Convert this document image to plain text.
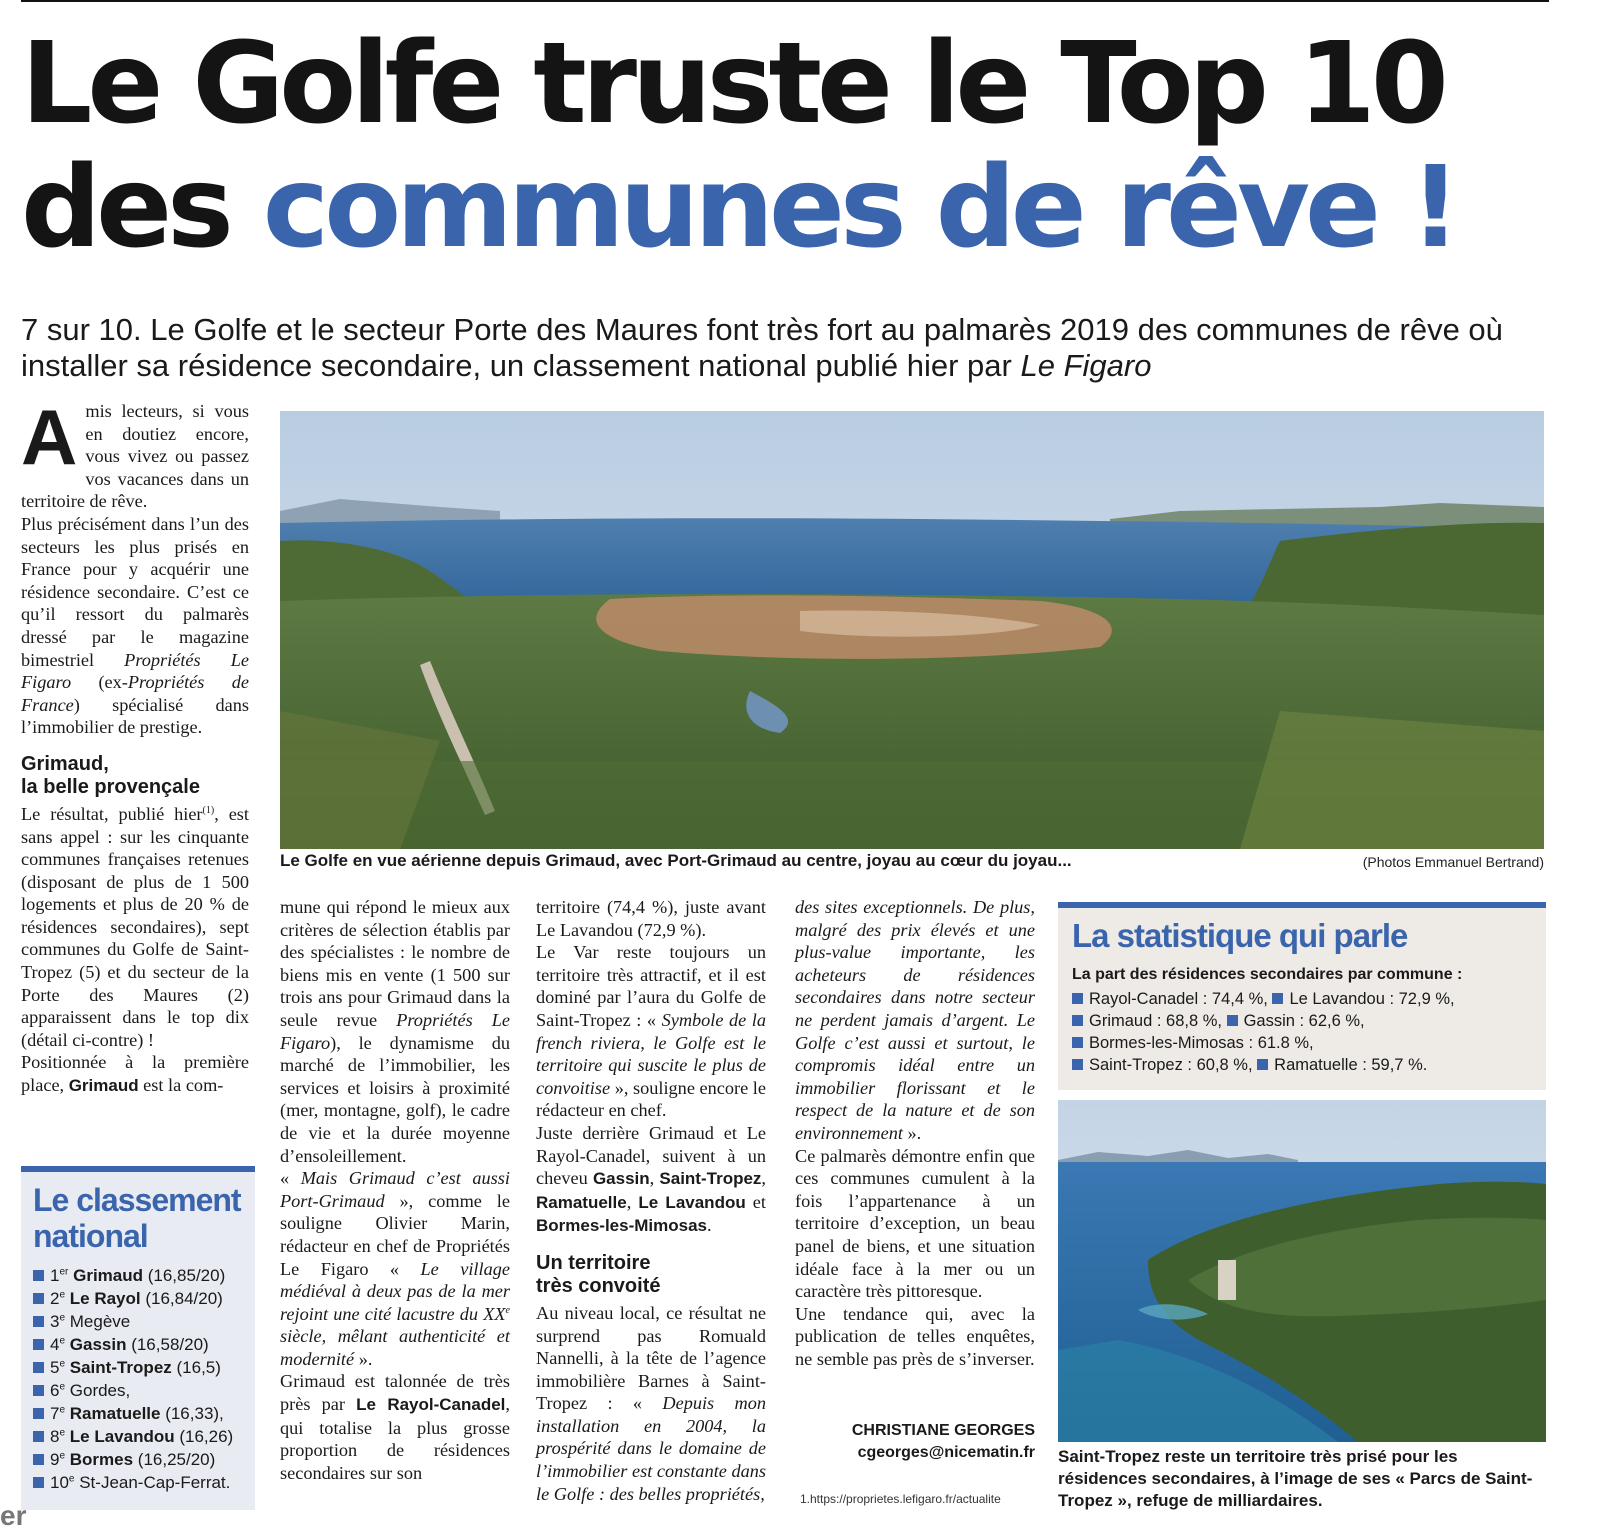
Le Golfe truste le Top 10
des communes de rêve !

7 sur 10. Le Golfe et le secteur Porte des Maures font très fort au palmarès 2019 des communes de rêve où installer sa résidence secondaire, un classement national publié hier par Le Figaro

Amis lecteurs, si vous en doutiez encore, vous vivez ou passez vos vacances dans un territoire de rêve.

Plus précisément dans l’un des secteurs les plus prisés en France pour y acquérir une résidence secondaire. C’est ce qu’il ressort du palmarès dressé par le magazine bimestriel Propriétés Le Figaro (ex-Propriétés de France) spécialisé dans l’immobilier de prestige.

Grimaud,
la belle provençale

Le résultat, publié hier$^{(1)}$, est sans appel : sur les cinquante communes françaises retenues (disposant de plus de 1 500 logements et plus de 20 % de résidences secondaires), sept communes du Golfe de Saint-Tropez (5) et du secteur de la Porte des Maures (2) apparaissent dans le top dix (détail ci-contre) !

Positionnée à la première place, Grimaud est la com-

Le Golfe en vue aérienne depuis Grimaud, avec Port-Grimaud au centre, joyau au cœur du joyau...	(Photos Emmanuel Bertrand)

mune qui répond le mieux aux critères de sélection établis par des spécialistes : le nombre de biens mis en vente (1 500 sur trois ans pour Grimaud dans la seule revue Propriétés Le Figaro), le dynamisme du marché de l’immobilier, les services et loisirs à proximité (mer, montagne, golf), le cadre de vie et la durée moyenne d’ensoleillement.

« Mais Grimaud c’est aussi Port-Grimaud », comme le souligne Olivier Marin, rédacteur en chef de Propriétés Le Figaro « Le village médiéval à deux pas de la mer rejoint une cité lacustre du XXe siècle, mêlant authenticité et modernité ».

Grimaud est talonnée de très près par Le Rayol-Canadel, qui totalise la plus grosse proportion de résidences secondaires sur son

territoire (74,4 %), juste avant Le Lavandou (72,9 %).

Le Var reste toujours un territoire très attractif, et il est dominé par l’aura du Golfe de Saint-Tropez : « Symbole de la french riviera, le Golfe est le territoire qui suscite le plus de convoitise », souligne encore le rédacteur en chef.

Juste derrière Grimaud et Le Rayol-Canadel, suivent à un cheveu Gassin, Saint-Tropez, Ramatuelle, Le Lavandou et Bormes-les-Mimosas.

Un territoire
très convoité

Au niveau local, ce résultat ne surprend pas Romuald Nannelli, à la tête de l’agence immobilière Barnes à Saint-Tropez : « Depuis mon installation en 2004, la prospérité dans le domaine de l’immobilier est constante dans le Golfe : des belles propriétés,

des sites exceptionnels. De plus, malgré des prix élevés et une plus-value importante, les acheteurs de résidences secondaires dans notre secteur ne perdent jamais d’argent. Le Golfe c’est aussi et surtout, le compromis idéal entre un immobilier florissant et le respect de la nature et de son environnement ».

Ce palmarès démontre enfin que ces communes cumulent à la fois l’appartenance à un territoire d’exception, un beau panel de biens, et une situation idéale face à la mer ou un caractère très pittoresque.

Une tendance qui, avec la publication de telles enquêtes, ne semble pas près de s’inverser.

CHRISTIANE GEORGES
cgeorges@nicematin.fr
1.https://proprietes.lefigaro.fr/actualite
Le classement national
1er Grimaud (16,85/20)
2e Le Rayol (16,84/20)
3e Megève
4e Gassin (16,58/20)
5e Saint-Tropez (16,5)
6e Gordes,
7e Ramatuelle (16,33),
8e Le Lavandou (16,26)
9e Bormes (16,25/20)
10e St-Jean-Cap-Ferrat.
La statistique qui parle
La part des résidences secondaires par commune :
Rayol-Canadel : 74,4 %, Le Lavandou : 72,9 %,
Grimaud : 68,8 %, Gassin : 62,6 %,
Bormes-les-Mimosas : 61.8 %,
Saint-Tropez : 60,8 %, Ramatuelle : 59,7 %.
Saint-Tropez reste un territoire très prisé pour les résidences secondaires, à l’image de ses « Parcs de Saint-Tropez », refuge de milliardaires.
er
